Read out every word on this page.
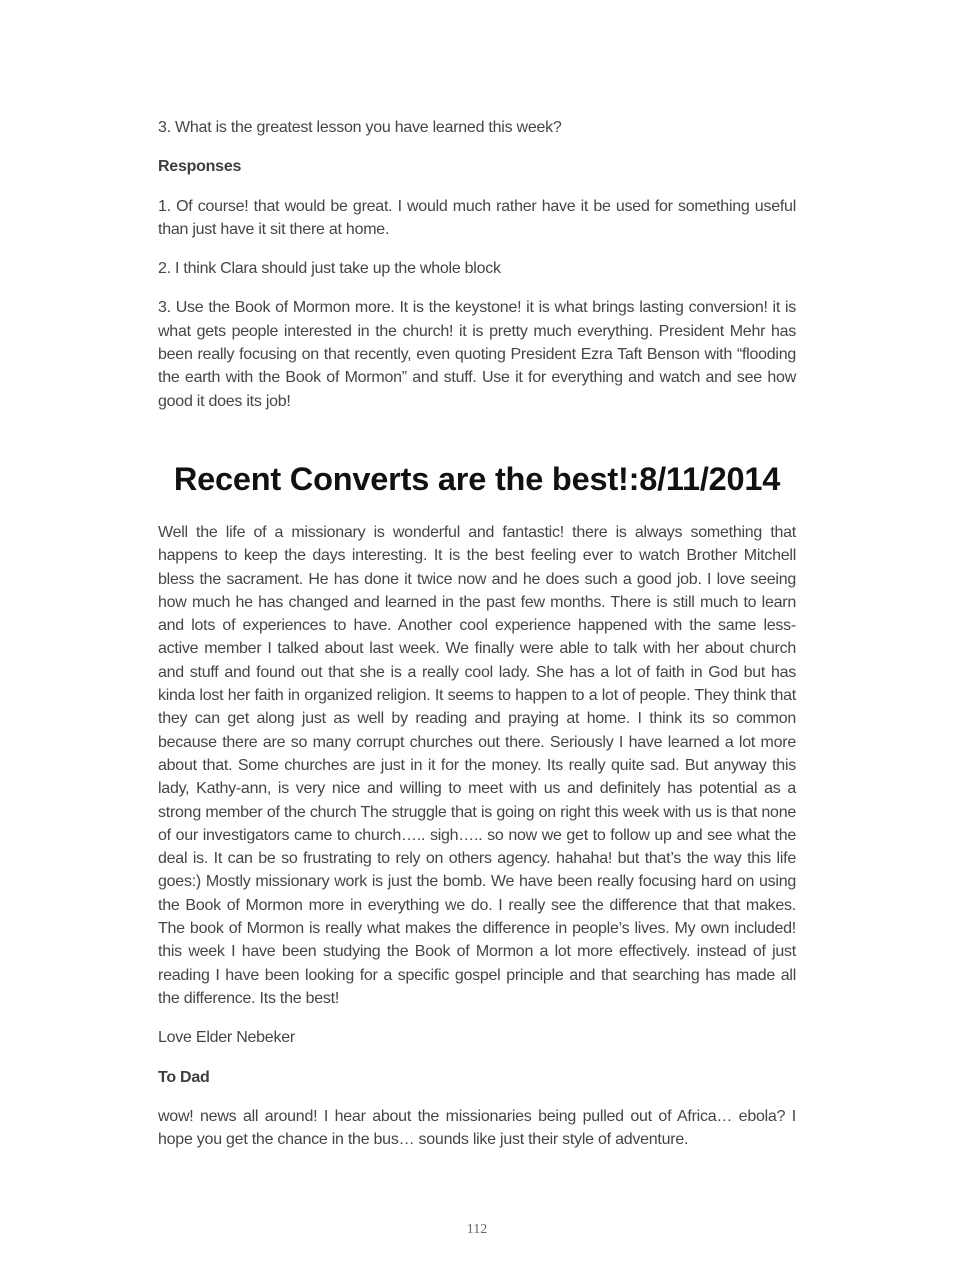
3. What is the greatest lesson you have learned this week?

Responses

1. Of course! that would be great. I would much rather have it be used for something useful than just have it sit there at home.

2. I think Clara should just take up the whole block

3. Use the Book of Mormon more. It is the keystone! it is what brings lasting conversion! it is what gets people interested in the church! it is pretty much everything. President Mehr has been really focusing on that recently, even quoting President Ezra Taft Benson with “flooding the earth with the Book of Mormon” and stuff. Use it for everything and watch and see how good it does its job!

Recent Converts are the best!:8/11/2014

Well the life of a missionary is wonderful and fantastic! there is always something that happens to keep the days interesting. It is the best feeling ever to watch Brother Mitchell bless the sacrament. He has done it twice now and he does such a good job. I love seeing how much he has changed and learned in the past few months. There is still much to learn and lots of experiences to have. Another cool experience happened with the same less-active member I talked about last week. We finally were able to talk with her about church and stuff and found out that she is a really cool lady. She has a lot of faith in God but has kinda lost her faith in organized religion. It seems to happen to a lot of people. They think that they can get along just as well by reading and praying at home. I think its so common because there are so many corrupt churches out there. Seriously I have learned a lot more about that. Some churches are just in it for the money. Its really quite sad. But anyway this lady, Kathy-ann, is very nice and willing to meet with us and definitely has potential as a strong member of the church The struggle that is going on right this week with us is that none of our investigators came to church….. sigh….. so now we get to follow up and see what the deal is. It can be so frustrating to rely on others agency. hahaha! but that’s the way this life goes:) Mostly missionary work is just the bomb. We have been really focusing hard on using the Book of Mormon more in everything we do. I really see the difference that that makes. The book of Mormon is really what makes the difference in people’s lives. My own included! this week I have been studying the Book of Mormon a lot more effectively. instead of just reading I have been looking for a specific gospel principle and that searching has made all the difference. Its the best!

Love Elder Nebeker

To Dad

wow! news all around! I hear about the missionaries being pulled out of Africa… ebola? I hope you get the chance in the bus… sounds like just their style of adventure.

112
